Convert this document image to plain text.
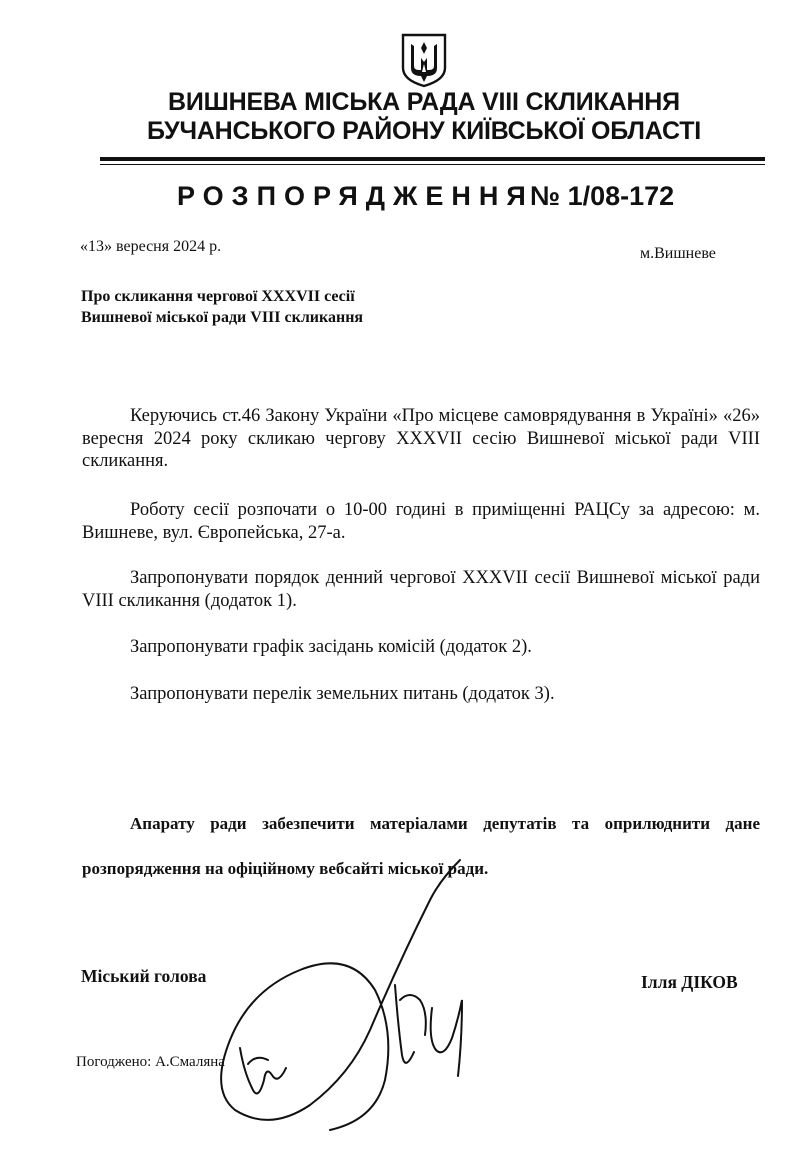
ВИШНЕВА МІСЬКА РАДА VIII СКЛИКАННЯ
БУЧАНСЬКОГО РАЙОНУ КИЇВСЬКОЇ ОБЛАСТІ
РОЗПОРЯДЖЕННЯ
№ 1/08-172
«13» вересня 2024 р.	м.Вишневе
Про скликання чергової XXXVII сесії
Вишневої міської ради VIII скликання
Керуючись ст.46 Закону України «Про місцеве самоврядування в Україні» «26» вересня 2024 року скликаю чергову XXXVII сесію Вишневої міської ради VIII скликання.
Роботу сесії розпочати о 10-00 годині в приміщенні РАЦСу за адресою: м. Вишневе, вул. Європейська, 27-а.
Запропонувати порядок денний чергової XXXVII сесії Вишневої міської ради VIII скликання (додаток 1).
Запропонувати графік засідань комісій (додаток 2).
Запропонувати перелік земельних питань (додаток 3).
Апарату ради забезпечити матеріалами депутатів та оприлюднити дане розпорядження на офіційному вебсайті міської ради.
Міський голова	Ілля ДІКОВ
Погоджено: А.Смаляна
